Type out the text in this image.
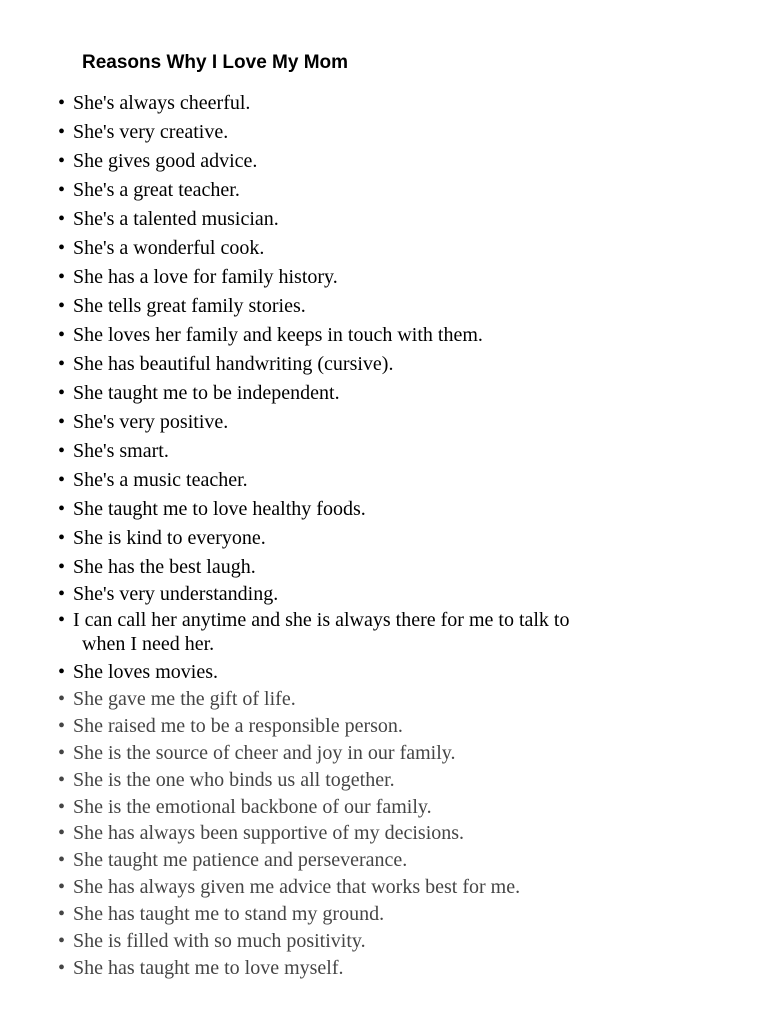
Reasons Why I Love My Mom
• She's always cheerful.
• She's very creative.
• She gives good advice.
• She's a great teacher.
• She's a talented musician.
• She's a wonderful cook.
• She has a love for family history.
• She tells great family stories.
• She loves her family and keeps in touch with them.
• She has beautiful handwriting (cursive).
• She taught me to be independent.
• She's very positive.
• She's smart.
• She's a music teacher.
• She taught me to love healthy foods.
• She is kind to everyone.
• She has the best laugh.
• She's very understanding.
• I can call her anytime and she is always there for me to talk to
when I need her.
• She loves movies.
• She gave me the gift of life.
• She raised me to be a responsible person.
• She is the source of cheer and joy in our family.
• She is the one who binds us all together.
• She is the emotional backbone of our family.
• She has always been supportive of my decisions.
• She taught me patience and perseverance.
• She has always given me advice that works best for me.
• She has taught me to stand my ground.
• She is filled with so much positivity.
• She has taught me to love myself.
